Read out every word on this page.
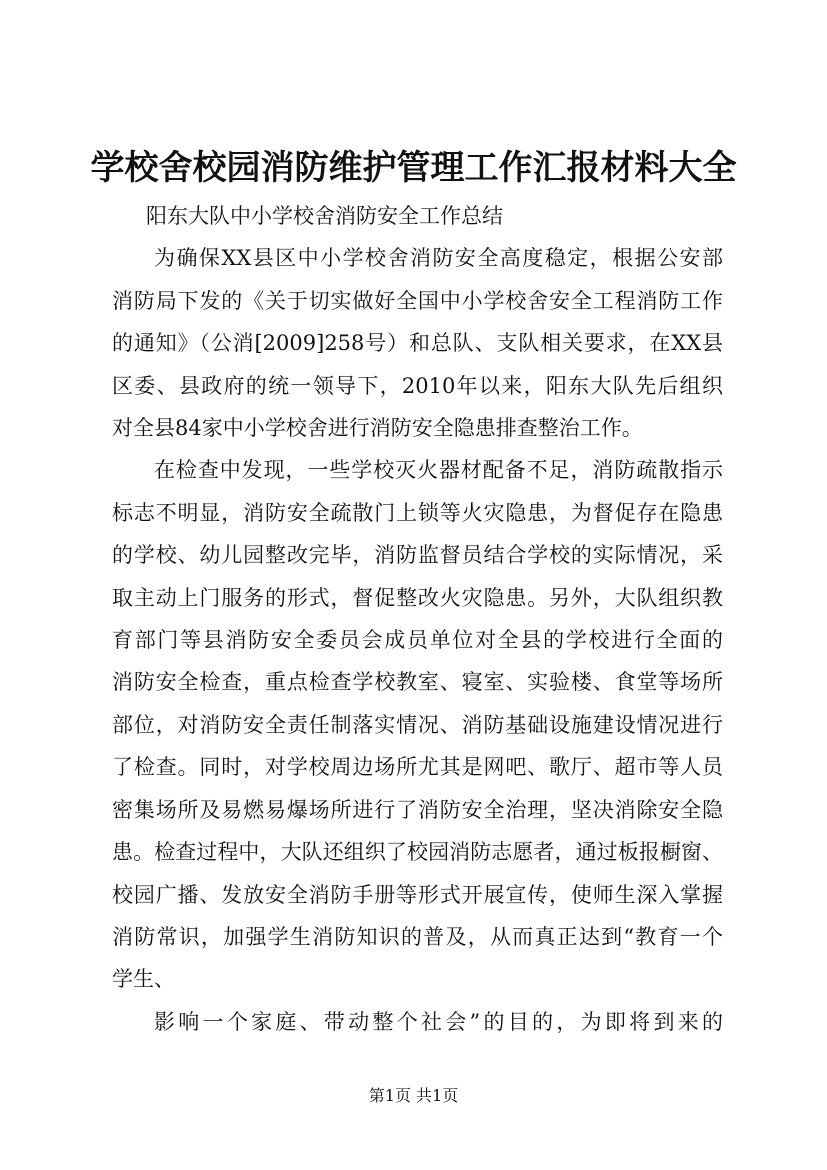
学校舍校园消防维护管理工作汇报材料大全
阳东大队中小学校舍消防安全工作总结
为确保XX县区中小学校舍消防安全高度稳定，根据公安部
消防局下发的《关于切实做好全国中小学校舍安全工程消防工作
的通知》（公消[2009]258号）和总队、支队相关要求，在XX县
区委、县政府的统一领导下，2010年以来，阳东大队先后组织
对全县84家中小学校舍进行消防安全隐患排查整治工作。
在检查中发现，一些学校灭火器材配备不足，消防疏散指示
标志不明显，消防安全疏散门上锁等火灾隐患，为督促存在隐患
的学校、幼儿园整改完毕，消防监督员结合学校的实际情况，采
取主动上门服务的形式，督促整改火灾隐患。另外，大队组织教
育部门等县消防安全委员会成员单位对全县的学校进行全面的
消防安全检查，重点检查学校教室、寝室、实验楼、食堂等场所
部位，对消防安全责任制落实情况、消防基础设施建设情况进行
了检查。同时，对学校周边场所尤其是网吧、歌厅、超市等人员
密集场所及易燃易爆场所进行了消防安全治理，坚决消除安全隐
患。检查过程中，大队还组织了校园消防志愿者，通过板报橱窗、
校园广播、发放安全消防手册等形式开展宣传，使师生深入掌握
消防常识，加强学生消防知识的普及，从而真正达到“教育一个
学生、
影响一个家庭、带动整个社会”的目的，为即将到来的
第1页 共1页
